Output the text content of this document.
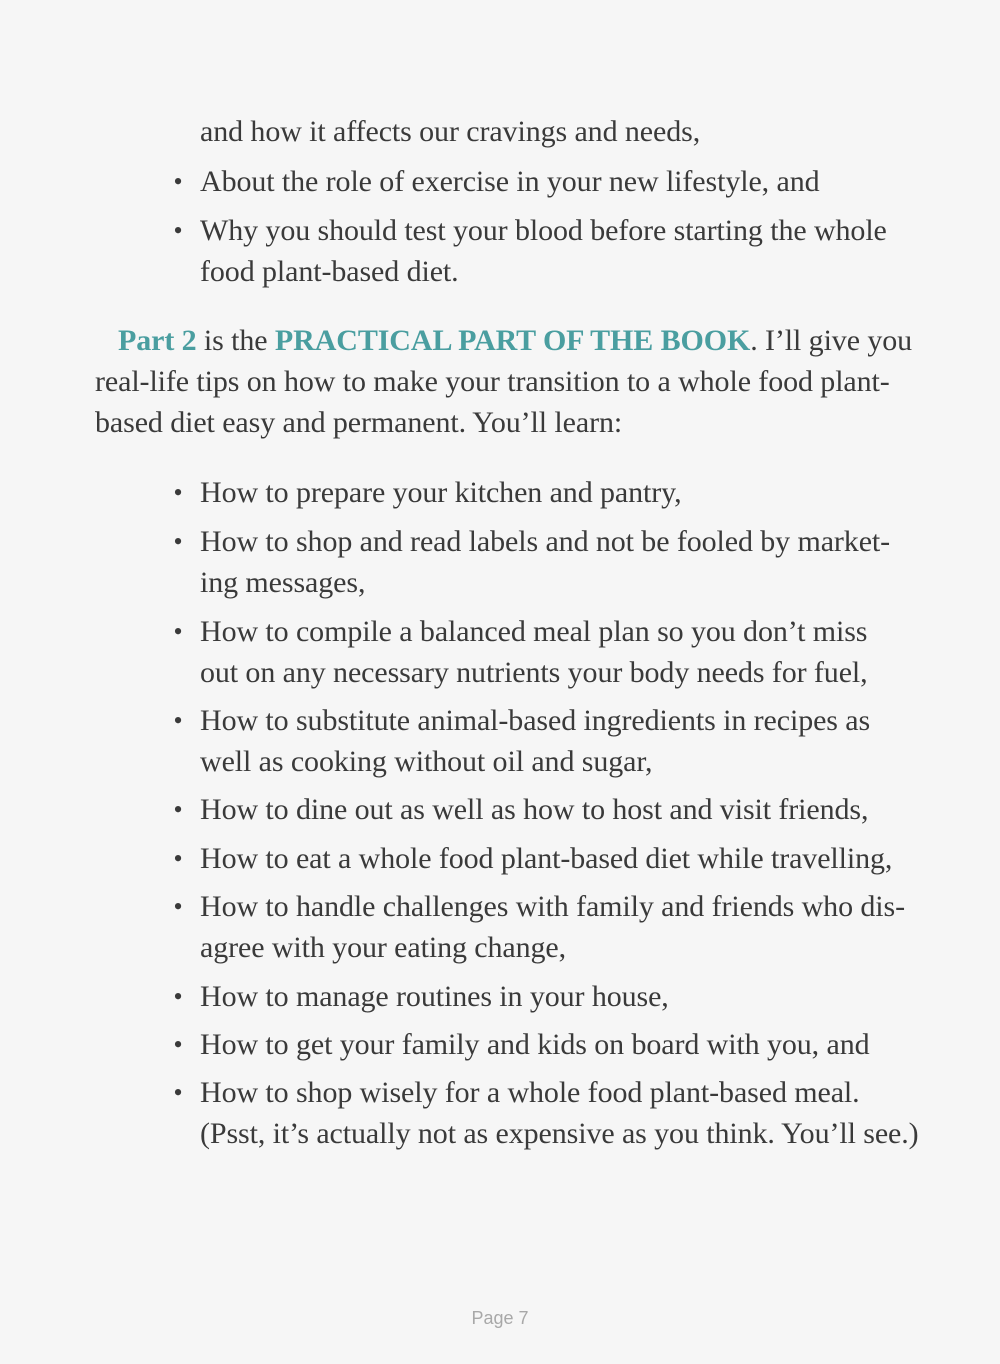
and how it affects our cravings and needs,
• About the role of exercise in your new lifestyle, and
• Why you should test your blood before starting the whole
food plant-based diet.
Part 2 is the PRACTICAL PART OF THE BOOK. I’ll give you
real-life tips on how to make your transition to a whole food plant-
based diet easy and permanent. You’ll learn:
• How to prepare your kitchen and pantry,
• How to shop and read labels and not be fooled by market-
ing messages,
• How to compile a balanced meal plan so you don’t miss
out on any necessary nutrients your body needs for fuel,
• How to substitute animal-based ingredients in recipes as
well as cooking without oil and sugar,
• How to dine out as well as how to host and visit friends,
• How to eat a whole food plant-based diet while travelling,
• How to handle challenges with family and friends who dis-
agree with your eating change,
• How to manage routines in your house,
• How to get your family and kids on board with you, and
• How to shop wisely for a whole food plant-based meal.
(Psst, it’s actually not as expensive as you think. You’ll see.)
Page 7
